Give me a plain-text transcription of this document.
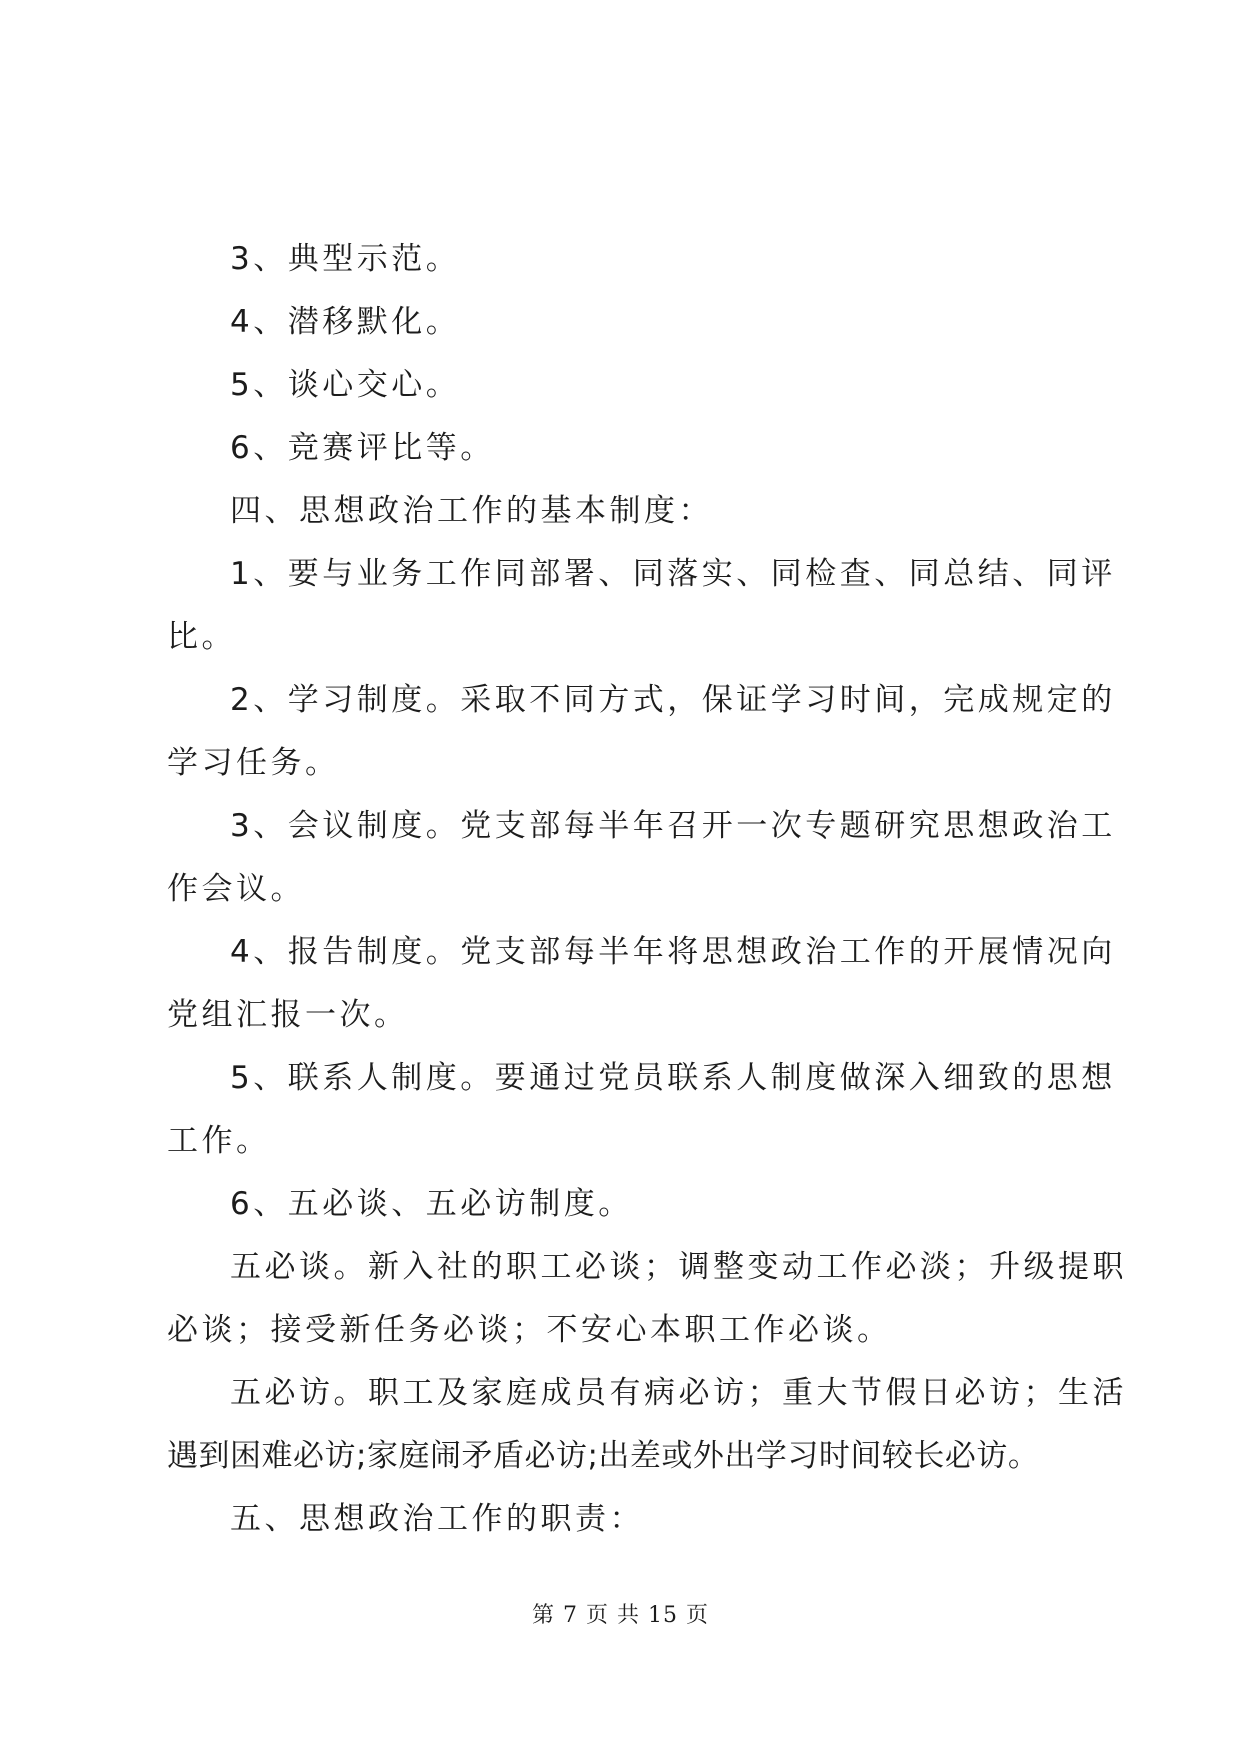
3、典型示范。
4、潜移默化。
5、谈心交心。
6、竞赛评比等。
四、思想政治工作的基本制度：
1、要与业务工作同部署、同落实、同检查、同总结、同评
比。
2、学习制度。采取不同方式，保证学习时间，完成规定的
学习任务。
3、会议制度。党支部每半年召开一次专题研究思想政治工
作会议。
4、报告制度。党支部每半年将思想政治工作的开展情况向
党组汇报一次。
5、联系人制度。要通过党员联系人制度做深入细致的思想
工作。
6、五必谈、五必访制度。
五必谈。新入社的职工必谈；调整变动工作必淡；升级提职
必谈；接受新任务必谈；不安心本职工作必谈。
五必访。职工及家庭成员有病必访；重大节假日必访；生活
遇到困难必访;家庭闹矛盾必访;出差或外出学习时间较长必访。
五、思想政治工作的职责：
第 7 页 共 15 页
